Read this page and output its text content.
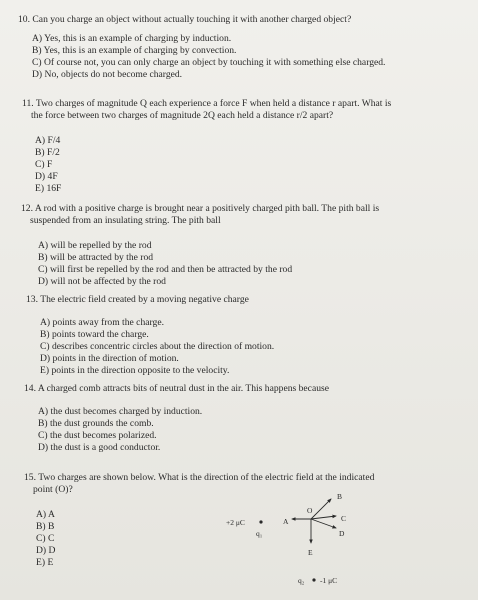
10. Can you charge an object without actually touching it with another charged object?

A) Yes, this is an example of charging by induction.
B) Yes, this is an example of charging by convection.
C) Of course not, you can only charge an object by touching it with something else charged.
D) No, objects do not become charged.

11. Two charges of magnitude Q each experience a force F when held a distance r apart. What is
the force between two charges of magnitude 2Q each held a distance r/2 apart?

A) F/4
B) F/2
C) F
D) 4F
E) 16F

12. A rod with a positive charge is brought near a positively charged pith ball. The pith ball is
suspended from an insulating string. The pith ball

A) will be repelled by the rod
B) will be attracted by the rod
C) will first be repelled by the rod and then be attracted by the rod
D) will not be affected by the rod

13. The electric field created by a moving negative charge

A) points away from the charge.
B) points toward the charge.
C) describes concentric circles about the direction of motion.
D) points in the direction of motion.
E) points in the direction opposite to the velocity.

14. A charged comb attracts bits of neutral dust in the air. This happens because

A) the dust becomes charged by induction.
B) the dust grounds the comb.
C) the dust becomes polarized.
D) the dust is a good conductor.

15. Two charges are shown below. What is the direction of the electric field at the indicated
point (O)?

A) A
B) B
C) C
D) D
E) E
+2 μC
q₁
A
O
B
C
D
E
q₂ -1 μC
